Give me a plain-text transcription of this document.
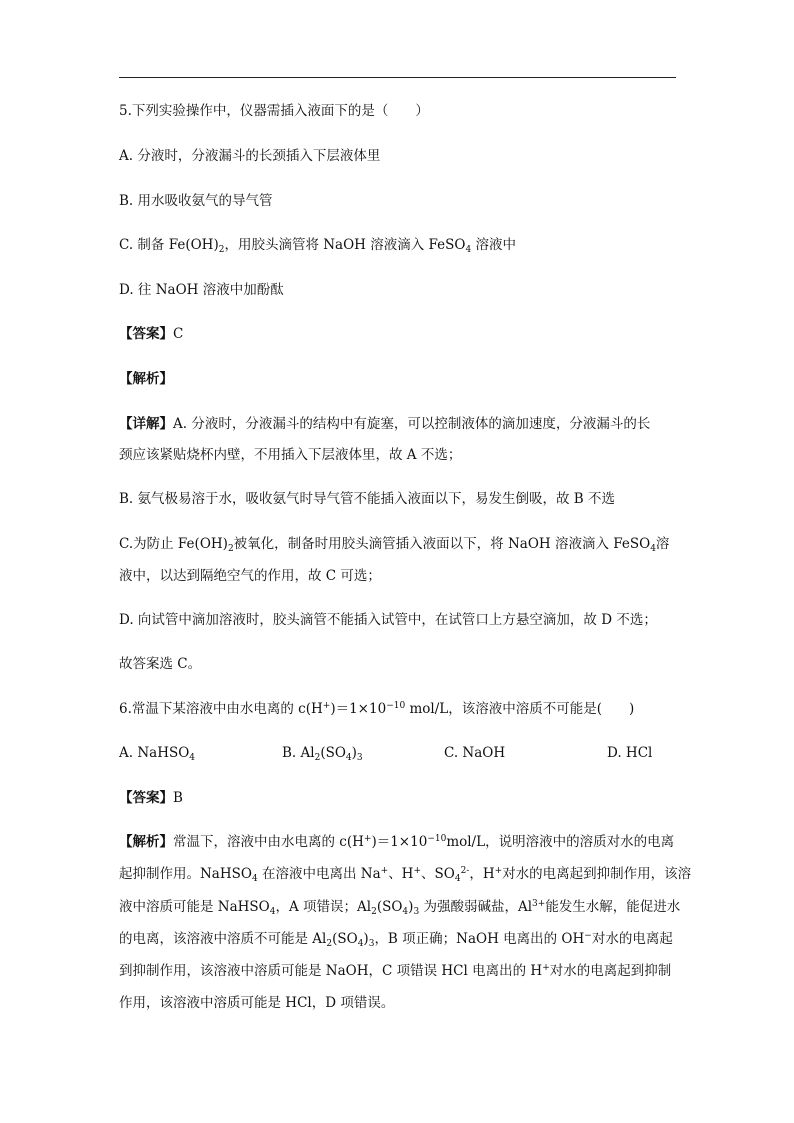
5.下列实验操作中，仪器需插入液面下的是（　　）
A. 分液时，分液漏斗的长颈插入下层液体里
B. 用水吸收氨气的导气管
C. 制备 $Fe(OH)_2$，用胶头滴管将 NaOH 溶液滴入 FeSO$_4$ 溶液中
D. 往 NaOH 溶液中加酚酞
【答案】C
【解析】
【详解】A. 分液时，分液漏斗的结构中有旋塞，可以控制液体的滴加速度，分液漏斗的长
颈应该紧贴烧杯内壁，不用插入下层液体里，故 A 不选；
B. 氨气极易溶于水，吸收氨气时导气管不能插入液面以下，易发生倒吸，故 B 不选
C.为防止 $Fe(OH)_2$被氧化，制备时用胶头滴管插入液面以下，将 NaOH 溶液滴入 FeSO$_4$溶
液中，以达到隔绝空气的作用，故 C 可选；
D. 向试管中滴加溶液时，胶头滴管不能插入试管中，在试管口上方悬空滴加，故 D 不选；
故答案选 C。
6.常温下某溶液中由水电离的 $c(H^+)=1\times 10^{-10}$ mol/L，该溶液中溶质不可能是(　　)
A. NaHSO$_4$	B. $Al_2(SO_4)_3$	C. NaOH	D. HCl
【答案】B
【解析】常温下，溶液中由水电离的 $c(H^+)=1\times 10^{-10}mol/L$，说明溶液中的溶质对水的电离
起抑制作用。NaHSO$_4$ 在溶液中电离出 Na+、H+、$SO_4^{2-}$，H+对水的电离起到抑制作用，该溶
液中溶质可能是 NaHSO$_4$，A 项错误；$Al_2(SO_4)_3$ 为强酸弱碱盐，$Al^{3+}$能发生水解，能促进水
的电离，该溶液中溶质不可能是 $Al_2(SO_4)_3$，B 项正确；NaOH 电离出的 OH−对水的电离起
到抑制作用，该溶液中溶质可能是 NaOH，C 项错误 HCl 电离出的 H+对水的电离起到抑制
作用，该溶液中溶质可能是 HCl，D 项错误。
